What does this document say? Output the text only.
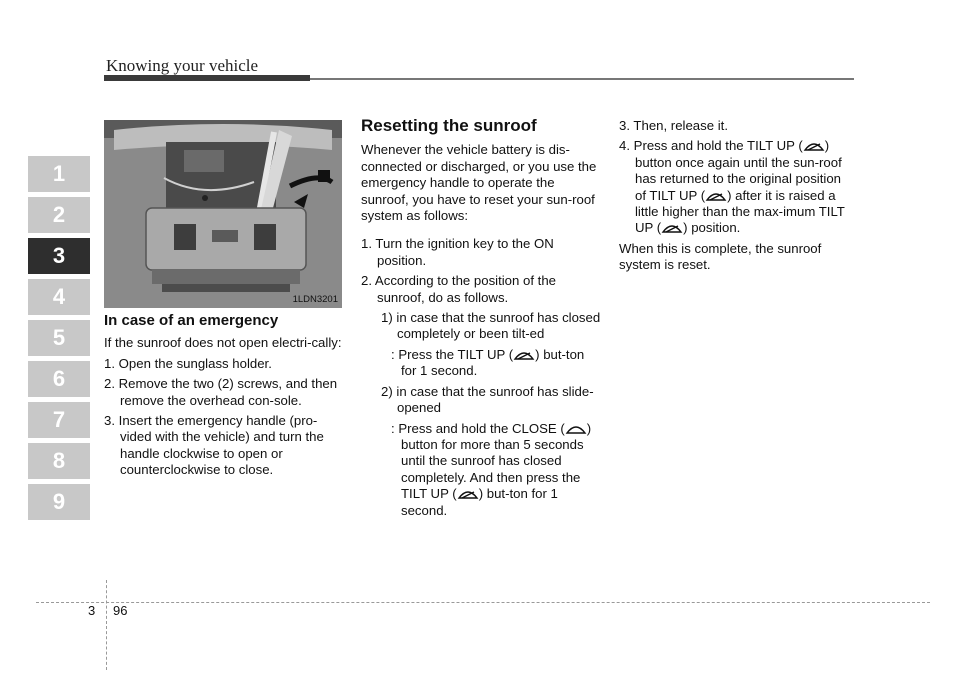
Knowing your vehicle
1
2
3
4
5
6
7
8
9
1LDN3201

In case of an emergency

If the sunroof does not open electri-cally:

1. Open the sunglass holder.

2. Remove the two (2) screws, and then remove the overhead con-sole.

3. Insert the emergency handle (pro-vided with the vehicle) and turn the handle clockwise to open or counterclockwise to close.

Resetting the sunroof

Whenever the vehicle battery is dis-connected or discharged, or you use the emergency handle to operate the sunroof, you have to reset your sun-roof system as follows:

1. Turn the ignition key to the ON position.

2. According to the position of the sunroof, do as follows.

1) in case that the sunroof has closed completely or been tilt-ed

: Press the TILT UP ( ) but-ton for 1 second.

2) in case that the sunroof has slide-opened

: Press and hold the CLOSE ( ) button for more than 5 seconds until the sunroof has closed completely. And then press the TILT UP ( ) but-ton for 1 second.

3. Then, release it.

4. Press and hold the TILT UP ( ) button once again until the sun-roof has returned to the original position of TILT UP ( ) after it is raised a little higher than the max-imum TILT UP ( ) position.

When this is complete, the sunroof system is reset.

3 96
